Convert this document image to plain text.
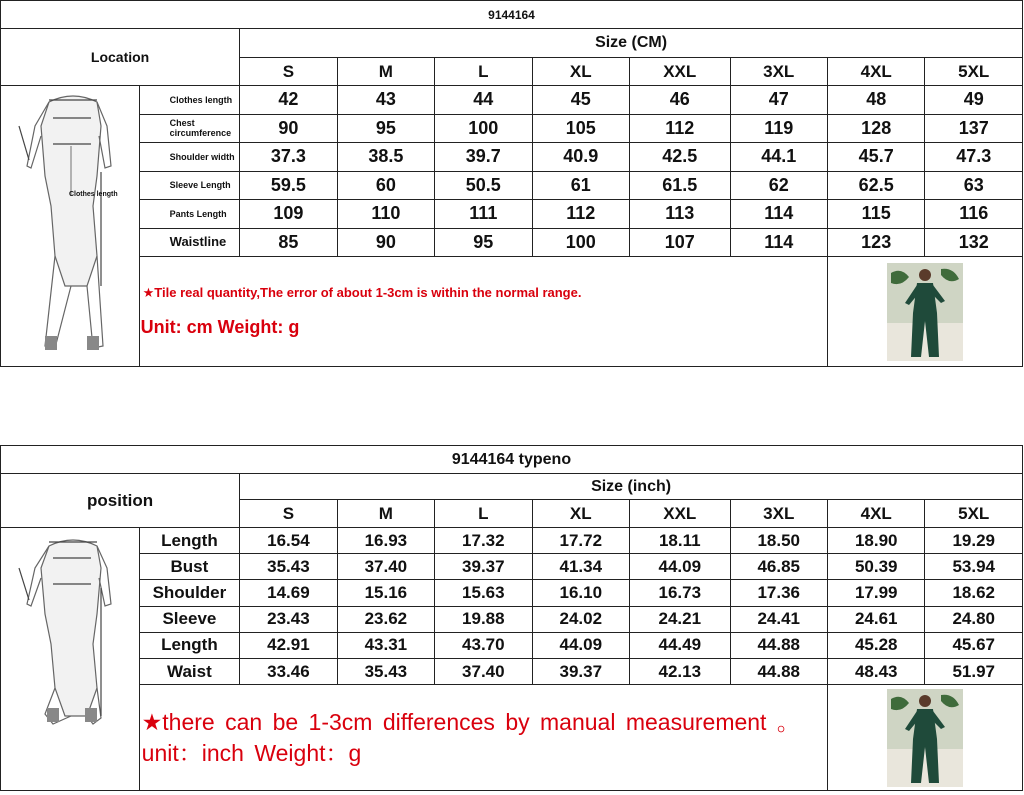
9144164									
Location		Size (CM)							
		S	M	L	XL	XXL	3XL	4XL	5XL

Clothes length	Clothes length	42	43	44	45	46	47	48	49
	Chest circumference	90	95	100	105	112	119	128	137
	Shoulder width	37.3	38.5	39.7	40.9	42.5	44.1	45.7	47.3
	Sleeve Length	59.5	60	50.5	61	61.5	62	62.5	63
	Pants Length	109	110	111	112	113	114	115	116
	Waistline	85	90	95	100	107	114	123	132

	★Tile real quantity,The error of about 1-3cm is within the normal range.
Unit: cm Weight: g

9144164 typeno									
position		Size (inch)							
		S	M	L	XL	XXL	3XL	4XL	5XL

	Length	16.54	16.93	17.32	17.72	18.11	18.50	18.90	19.29
	Bust	35.43	37.40	39.37	41.34	44.09	46.85	50.39	53.94
	Shoulder	14.69	15.16	15.63	16.10	16.73	17.36	17.99	18.62
	Sleeve	23.43	23.62	19.88	24.02	24.21	24.41	24.61	24.80
	Length	42.91	43.31	43.70	44.09	44.49	44.88	45.28	45.67
	Waist	33.46	35.43	37.40	39.37	42.13	44.88	48.43	51.97

	★there can be 1-3cm differences by manual measurement 。 unit：inch Weight：g
